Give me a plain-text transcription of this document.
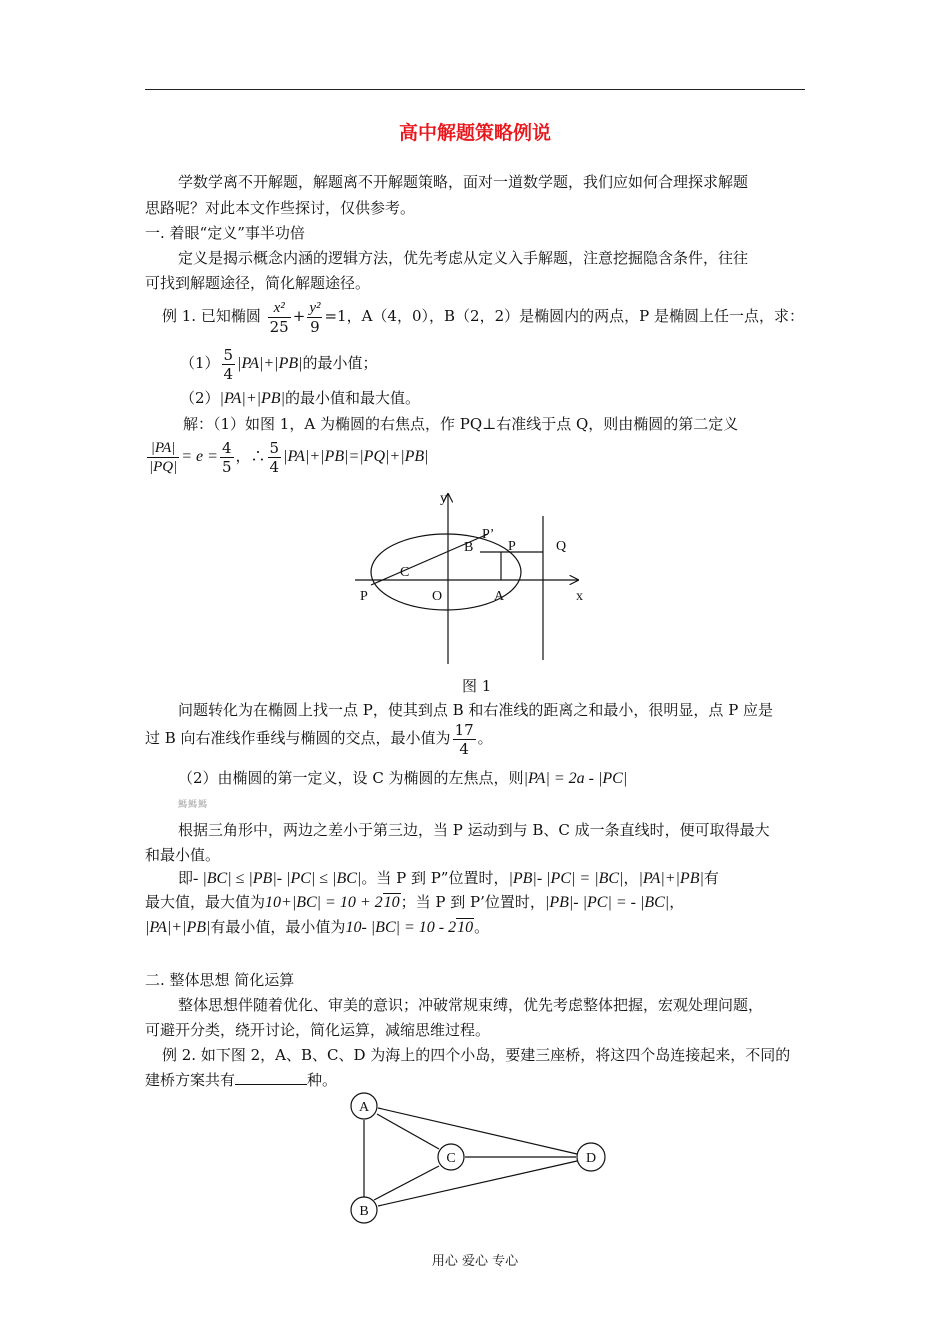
高中解题策略例说
学数学离不开解题，解题离不开解题策略，面对一道数学题，我们应如何合理探求解题
思路呢？对此本文作些探讨，仅供参考。
一. 着眼“定义”事半功倍
定义是揭示概念内涵的逻辑方法，优先考虑从定义入手解题，注意挖掘隐含条件，往往
可找到解题途径，简化解题途径。
例 1. 已知椭圆 $\frac{\text{x²}}{25} + \frac{\text{y²}}{9} =1$，A（4，0），B（2，2）是椭圆内的两点，P 是椭圆上任一点，求：
$(1) \frac{5}{4} |PA|+|PB|$的最小值；
（2）|PA|+|PB|的最小值和最大值。
解：（1）如图 1，A 为椭圆的右焦点，作 PQ⊥右准线于点 Q，则由椭圆的第二定义
$\frac{|PA|}{|PQ|} = e = \frac{4}{5}$ ，∴ $\frac{5}{4} |PA|+|PB|=|PQ|+|PB|$
y
x
P’
B P	Q
C
P	O	A
图 1
问题转化为在椭圆上找一点 P，使其到点 B 和右准线的距离之和最小，很明显，点 P 应是
过 B 向右准线作垂线与椭圆的交点，最小值为 $\frac{17}{4}$ 。
（2）由椭圆的第一定义，设 C 为椭圆的左焦点，则|PA| = 2a - |PC|
鰢鰢鰢
根据三角形中，两边之差小于第三边，当 P 运动到与 B、C 成一条直线时，便可取得最大
和最小值。
即- |BC| ≤ |PB|- |PC| ≤ |BC|。当 P 到 P”位置时，|PB|- |PC| = |BC|，|PA|+|PB|有
最大值，最大值为10+|BC| = 10 + 210；当 P 到 P’位置时，|PB|- |PC| = - |BC|，
|PA|+|PB|有最小值，最小值为10- |BC| = 10 - 210。
二. 整体思想 简化运算
整体思想伴随着优化、审美的意识；冲破常规束缚，优先考虑整体把握，宏观处理问题，
可避开分类，绕开讨论，简化运算，减缩思维过程。
例 2. 如下图 2，A、B、C、D 为海上的四个小岛，要建三座桥，将这四个岛连接起来，不同的
建桥方案共有	种。
A
C	D
B
用心 爱心 专心
